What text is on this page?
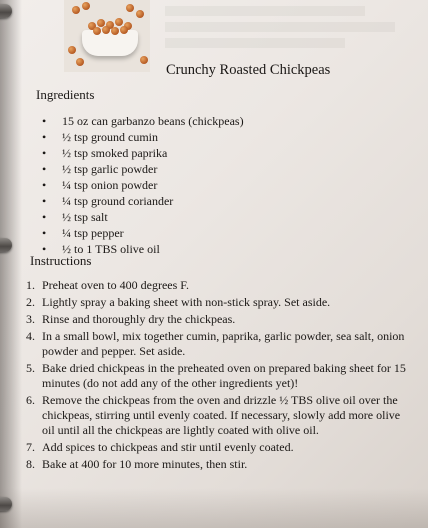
Crunchy Roasted Chickpeas
Ingredients
•	15 oz can garbanzo beans (chickpeas)
•	½ tsp ground cumin
•	½ tsp smoked paprika
•	½ tsp garlic powder
•	¼ tsp onion powder
•	¼ tsp ground coriander
•	½ tsp salt
•	¼ tsp pepper
•	½ to 1 TBS olive oil
Instructions
1. Preheat oven to 400 degrees F.
2. Lightly spray a baking sheet with non-stick spray. Set aside.
3. Rinse and thoroughly dry the chickpeas.
4. In a small bowl, mix together cumin, paprika, garlic powder, sea salt, onion powder and pepper. Set aside.
5. Bake dried chickpeas in the preheated oven on prepared baking sheet for 15 minutes (do not add any of the other ingredients yet)!
6. Remove the chickpeas from the oven and drizzle ½ TBS olive oil over the chickpeas, stirring until evenly coated. If necessary, slowly add more olive oil until all the chickpeas are lightly coated with olive oil.
7. Add spices to chickpeas and stir until evenly coated.
8. Bake at 400 for 10 more minutes, then stir.
